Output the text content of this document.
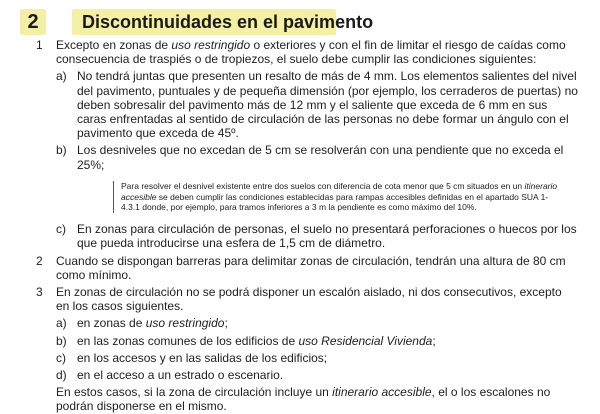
2	Discontinuidades en el pavimento
1 Excepto en zonas de uso restringido o exteriores y con el fin de limitar el riesgo de caídas como consecuencia de traspiés o de tropiezos, el suelo debe cumplir las condiciones siguientes:
a) No tendrá juntas que presenten un resalto de más de 4 mm. Los elementos salientes del nivel del pavimento, puntuales y de pequeña dimensión (por ejemplo, los cerraderos de puertas) no deben sobresalir del pavimento más de 12 mm y el saliente que exceda de 6 mm en sus caras enfrentadas al sentido de circulación de las personas no debe formar un ángulo con el pavimento que exceda de 45º.
b) Los desniveles que no excedan de 5 cm se resolverán con una pendiente que no exceda el 25%;
Para resolver el desnivel existente entre dos suelos con diferencia de cota menor que 5 cm situados en un itinerario accesible se deben cumplir las condiciones establecidas para rampas accesibles definidas en el apartado SUA 1-4.3.1 donde, por ejemplo, para tramos inferiores a 3 m la pendiente es como máximo del 10%.
c) En zonas para circulación de personas, el suelo no presentará perforaciones o huecos por los que pueda introducirse una esfera de 1,5 cm de diámetro.
2 Cuando se dispongan barreras para delimitar zonas de circulación, tendrán una altura de 80 cm como mínimo.
3 En zonas de circulación no se podrá disponer un escalón aislado, ni dos consecutivos, excepto en los casos siguientes.
a) en zonas de uso restringido;
b) en las zonas comunes de los edificios de uso Residencial Vivienda;
c) en los accesos y en las salidas de los edificios;
d) en el acceso a un estrado o escenario.
En estos casos, si la zona de circulación incluye un itinerario accesible, el o los escalones no podrán disponerse en el mismo.
